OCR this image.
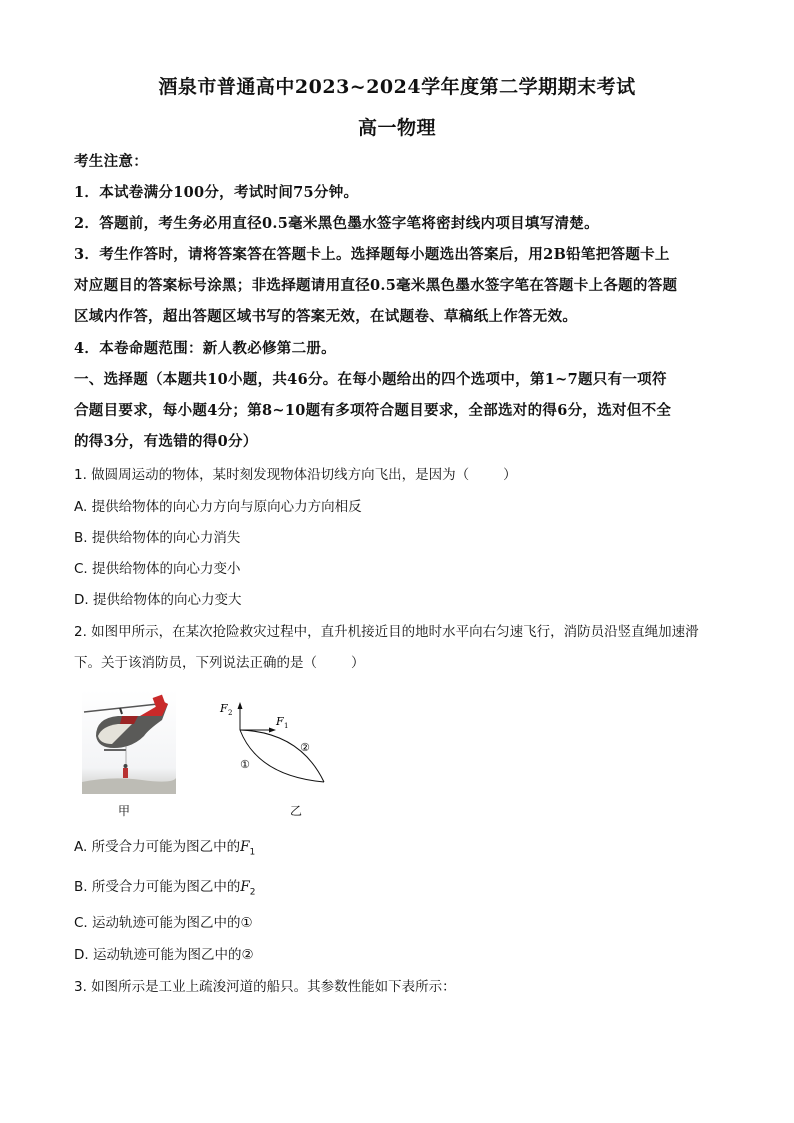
酒泉市普通高中2023~2024学年度第二学期期末考试
高一物理
考生注意：
1．本试卷满分100分，考试时间75分钟。
2．答题前，考生务必用直径0.5毫米黑色墨水签字笔将密封线内项目填写清楚。
3．考生作答时，请将答案答在答题卡上。选择题每小题选出答案后，用2B铅笔把答题卡上
对应题目的答案标号涂黑；非选择题请用直径0.5毫米黑色墨水签字笔在答题卡上各题的答题
区域内作答，超出答题区域书写的答案无效，在试题卷、草稿纸上作答无效。
4．本卷命题范围：新人教必修第二册。
一、选择题（本题共10小题，共46分。在每小题给出的四个选项中，第1~7题只有一项符
合题目要求，每小题4分；第8~10题有多项符合题目要求，全部选对的得6分，选对但不全
的得3分，有选错的得0分）
1. 做圆周运动的物体，某时刻发现物体沿切线方向飞出，是因为（	）
A. 提供给物体的向心力方向与原向心力方向相反
B. 提供给物体的向心力消失
C. 提供给物体的向心力变小
D. 提供给物体的向心力变大
2. 如图甲所示，在某次抢险救灾过程中，直升机接近目的地时水平向右匀速飞行，消防员沿竖直绳加速滑
下。关于该消防员，下列说法正确的是（	）
甲
F 2
F 1
①
②
乙
A. 所受合力可能为图乙中的$F_1$
B. 所受合力可能为图乙中的$F_2$
C. 运动轨迹可能为图乙中的①
D. 运动轨迹可能为图乙中的②
3. 如图所示是工业上疏浚河道的船只。其参数性能如下表所示：
